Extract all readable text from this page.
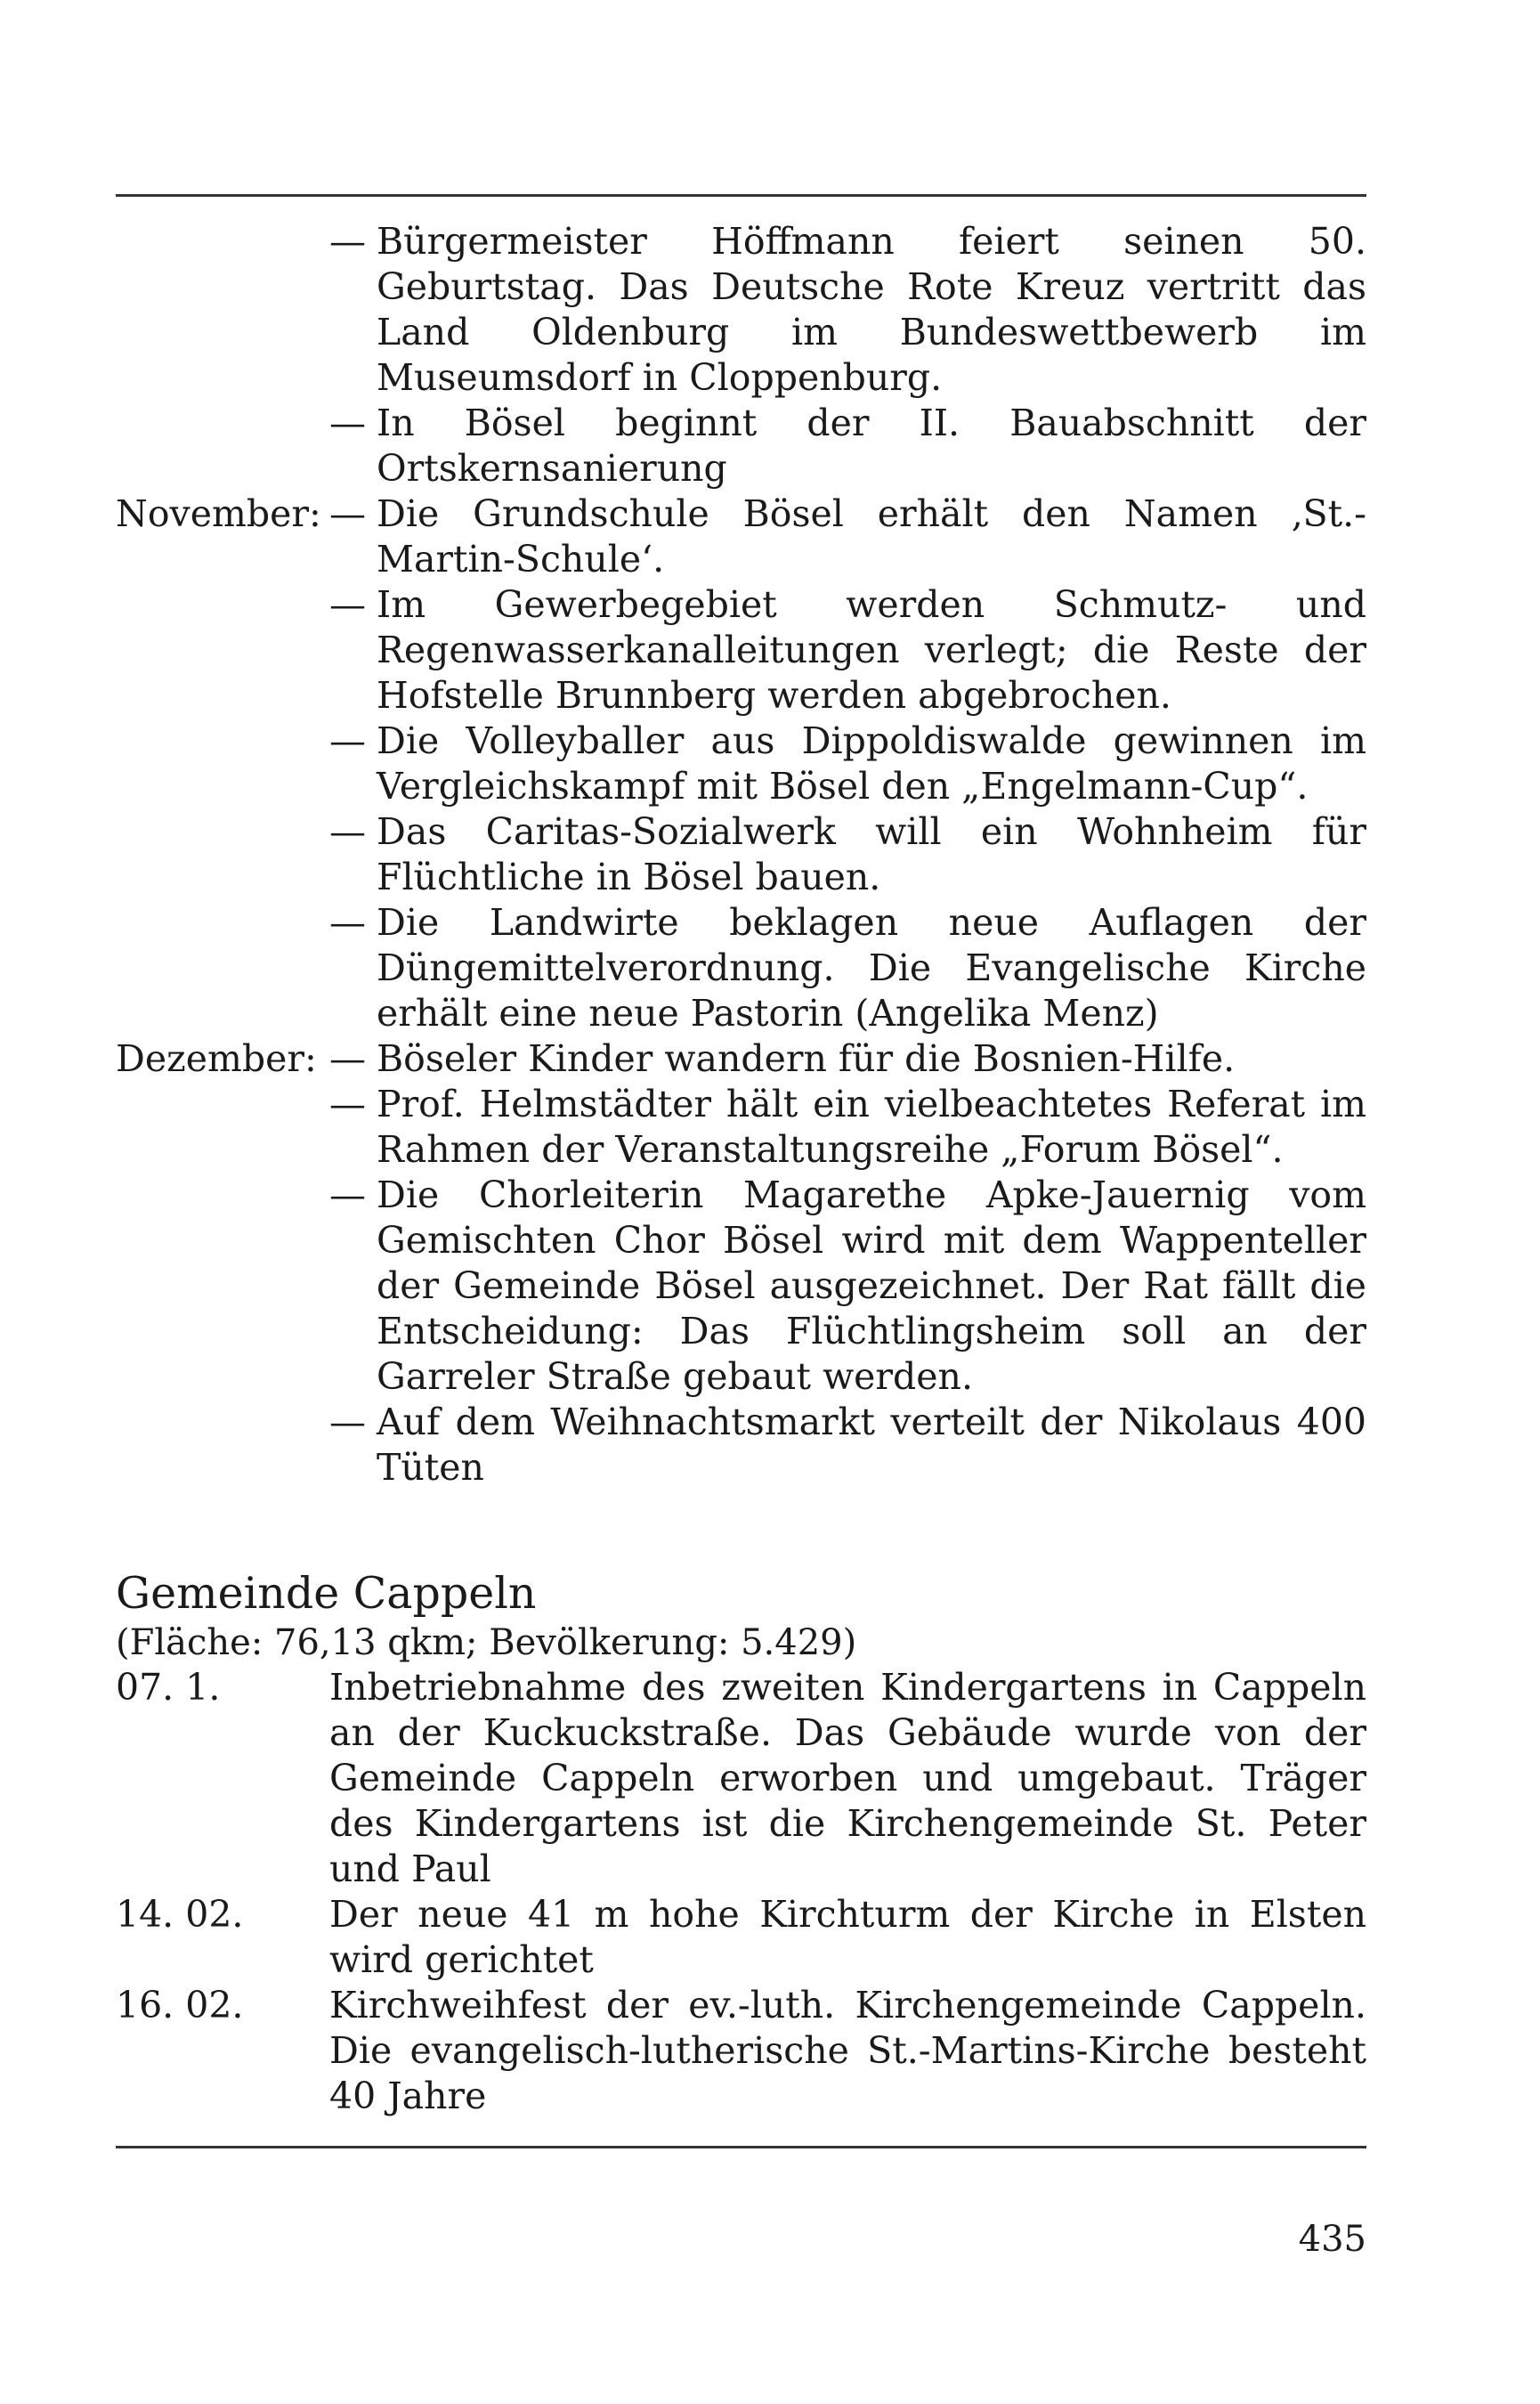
— Bürgermeister Höffmann feiert seinen 50. Geburtstag. Das Deutsche Rote Kreuz vertritt das Land Oldenburg im Bundeswettbewerb im Museumsdorf in Cloppenburg.
— In Bösel beginnt der II. Bauabschnitt der Ortskernsanierung
November: — Die Grundschule Bösel erhält den Namen ‚St.-Martin-Schule‘.
— Im Gewerbegebiet werden Schmutz- und Regenwasserkanalleitungen verlegt; die Reste der Hofstelle Brunnberg werden abgebrochen.
— Die Volleyballer aus Dippoldiswalde gewinnen im Vergleichskampf mit Bösel den „Engelmann-Cup“.
— Das Caritas-Sozialwerk will ein Wohnheim für Flüchtliche in Bösel bauen.
— Die Landwirte beklagen neue Auflagen der Düngemittelverordnung. Die Evangelische Kirche erhält eine neue Pastorin (Angelika Menz)
Dezember: — Böseler Kinder wandern für die Bosnien-Hilfe.
— Prof. Helmstädter hält ein vielbeachtetes Referat im Rahmen der Veranstaltungsreihe „Forum Bösel“.
— Die Chorleiterin Magarethe Apke-Jauernig vom Gemischten Chor Bösel wird mit dem Wappenteller der Gemeinde Bösel ausgezeichnet. Der Rat fällt die Entscheidung: Das Flüchtlingsheim soll an der Garreler Straße gebaut werden.
— Auf dem Weihnachtsmarkt verteilt der Nikolaus 400 Tüten
Gemeinde Cappeln

(Fläche: 76,13 qkm; Bevölkerung: 5.429)

07. 1.	Inbetriebnahme des zweiten Kindergartens in Cappeln an der Kuckuckstraße. Das Gebäude wurde von der Gemeinde Cappeln erworben und umgebaut. Träger des Kindergartens ist die Kirchengemeinde St. Peter und Paul
14. 02.	Der neue 41 m hohe Kirchturm der Kirche in Elsten wird gerichtet
16. 02.	Kirchweihfest der ev.-luth. Kirchengemeinde Cappeln. Die evangelisch-lutherische St.-Martins-Kirche besteht 40 Jahre
435
